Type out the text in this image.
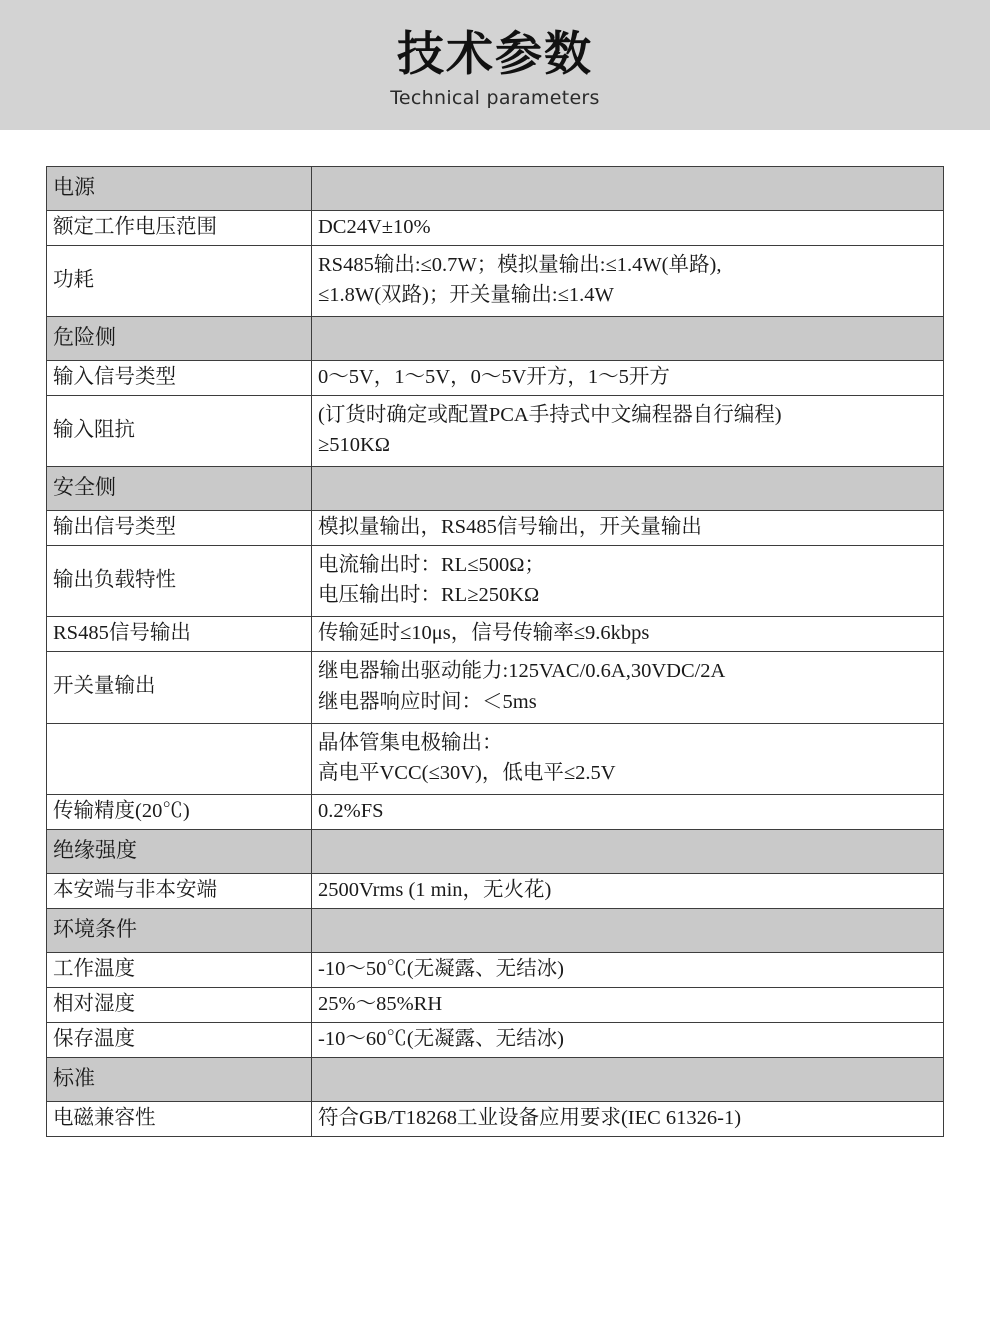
技术参数
Technical parameters
电源	
额定工作电压范围	DC24V±10%

功耗	RS485输出:≤0.7W；模拟量输出:≤1.4W(单路),
≤1.8W(双路)；开关量输出:≤1.4W

危险侧	
输入信号类型	0～5V，1～5V，0～5V开方，1～5开方

输入阻抗	(订货时确定或配置PCA手持式中文编程器自行编程)
≥510KΩ

安全侧	
输出信号类型	模拟量输出，RS485信号输出，开关量输出

输出负载特性	电流输出时：RL≤500Ω；
电压输出时：RL≥250KΩ

RS485信号输出	传输延时≤10μs，信号传输率≤9.6kbps

开关量输出	继电器输出驱动能力:125VAC/0.6A,30VDC/2A
继电器响应时间：＜5ms

	晶体管集电极输出：
高电平VCC(≤30V)，低电平≤2.5V

传输精度(20℃)	0.2%FS

绝缘强度	
本安端与非本安端	2500Vrms (1 min，无火花)

环境条件	
工作温度	-10～50℃(无凝露、无结冰)

相对湿度	25%～85%RH

保存温度	-10～60℃(无凝露、无结冰)

标准	
电磁兼容性	符合GB/T18268工业设备应用要求(IEC 61326-1)
